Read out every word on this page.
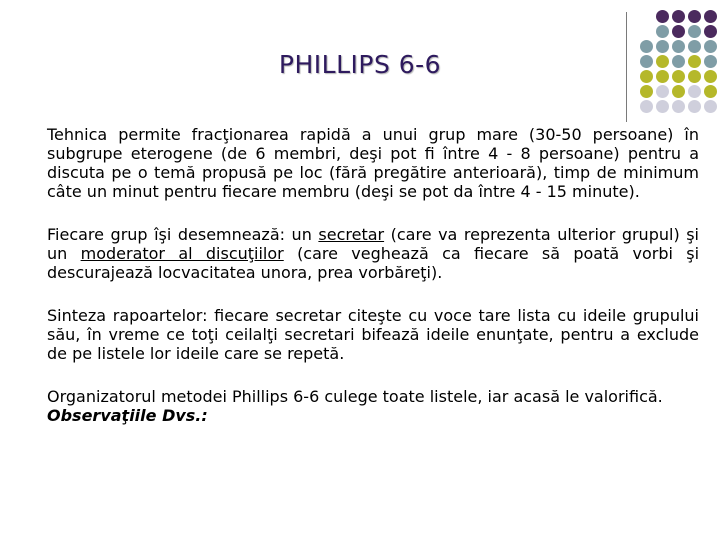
PHILLIPS 6-6

Tehnica permite fracţionarea rapidă a unui grup mare (30-50 persoane) în subgrupe eterogene (de 6 membri, deşi pot fi între 4 - 8 persoane) pentru a discuta pe o temă propusă pe loc (fără pregătire anterioară), timp de minimum câte un minut pentru fiecare membru (deşi se pot da între 4 - 15 minute).

Fiecare grup îşi desemnează: un secretar (care va reprezenta ulterior grupul) şi un moderator al discuţiilor (care veghează ca fiecare să poată vorbi şi descurajează locvacitatea unora, prea vorbăreţi).

Sinteza rapoartelor: fiecare secretar citeşte cu voce tare lista cu ideile grupului său, în vreme ce toţi ceilalţi secretari bifează ideile enunţate, pentru a exclude de pe listele lor ideile care se repetă.

Organizatorul metodei Phillips 6-6 culege toate listele, iar acasă le valorifică.
Observaţiile Dvs.:
